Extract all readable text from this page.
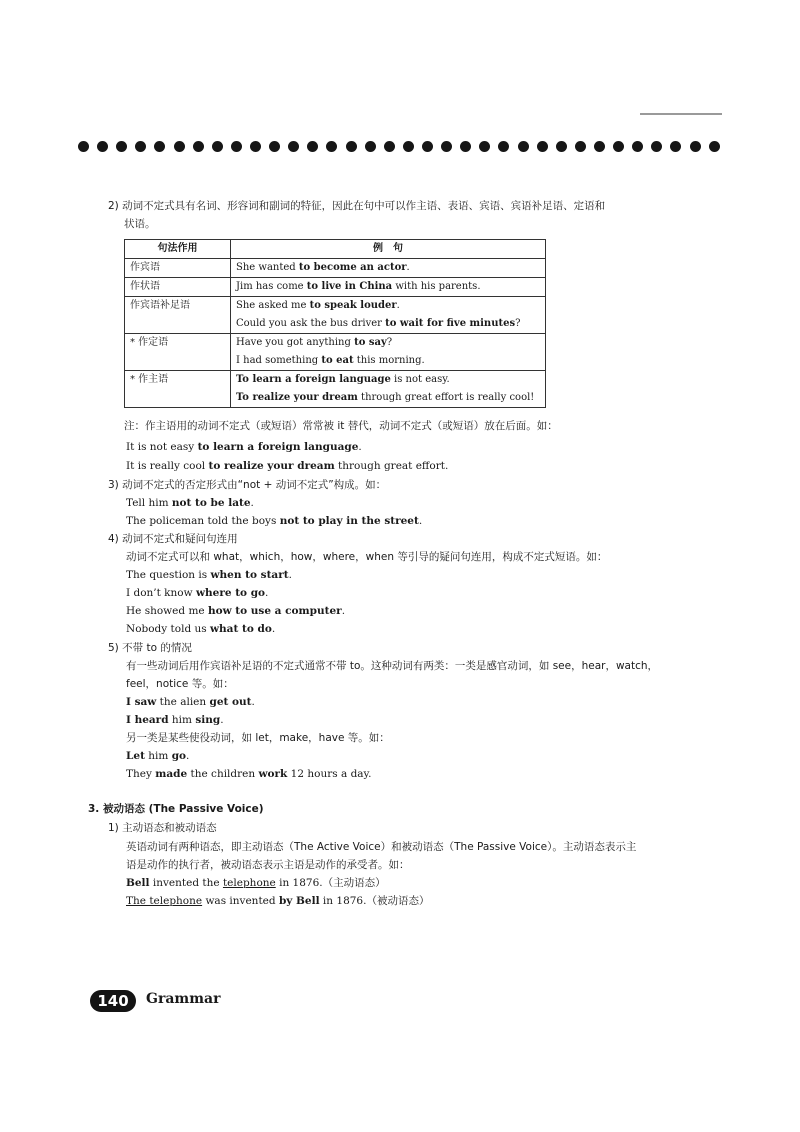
2) 动词不定式具有名词、形容词和副词的特征，因此在句中可以作主语、表语、宾语、宾语补足语、定语和
状语。
句法作用	例　句
作宾语	She wanted to become an actor.

作状语	Jim has come to live in China with his parents.

作宾语补足语	She asked me to speak louder.
Could you ask the bus driver to wait for five minutes?

* 作定语	Have you got anything to say?
I had something to eat this morning.

* 作主语	To learn a foreign language is not easy.
To realize your dream through great effort is really cool!
注：作主语用的动词不定式（或短语）常常被 it 替代，动词不定式（或短语）放在后面。如：
It is not easy to learn a foreign language.
It is really cool to realize your dream through great effort.
3) 动词不定式的否定形式由“not + 动词不定式”构成。如：
Tell him not to be late.
The policeman told the boys not to play in the street.
4) 动词不定式和疑问句连用
动词不定式可以和 what，which，how，where，when 等引导的疑问句连用，构成不定式短语。如：
The question is when to start.
I don’t know where to go.
He showed me how to use a computer.
Nobody told us what to do.
5) 不带 to 的情况
有一些动词后用作宾语补足语的不定式通常不带 to。这种动词有两类：一类是感官动词，如 see，hear，watch，
feel，notice 等。如：
I saw the alien get out.
I heard him sing.
另一类是某些使役动词，如 let，make，have 等。如：
Let him go.
They made the children work 12 hours a day.
3. 被动语态 (The Passive Voice)
1) 主动语态和被动语态
英语动词有两种语态，即主动语态（The Active Voice）和被动语态（The Passive Voice）。主动语态表示主
语是动作的执行者，被动语态表示主语是动作的承受者。如：
Bell invented the telephone in 1876.（主动语态）
The telephone was invented by Bell in 1876.（被动语态）
140	Grammar
